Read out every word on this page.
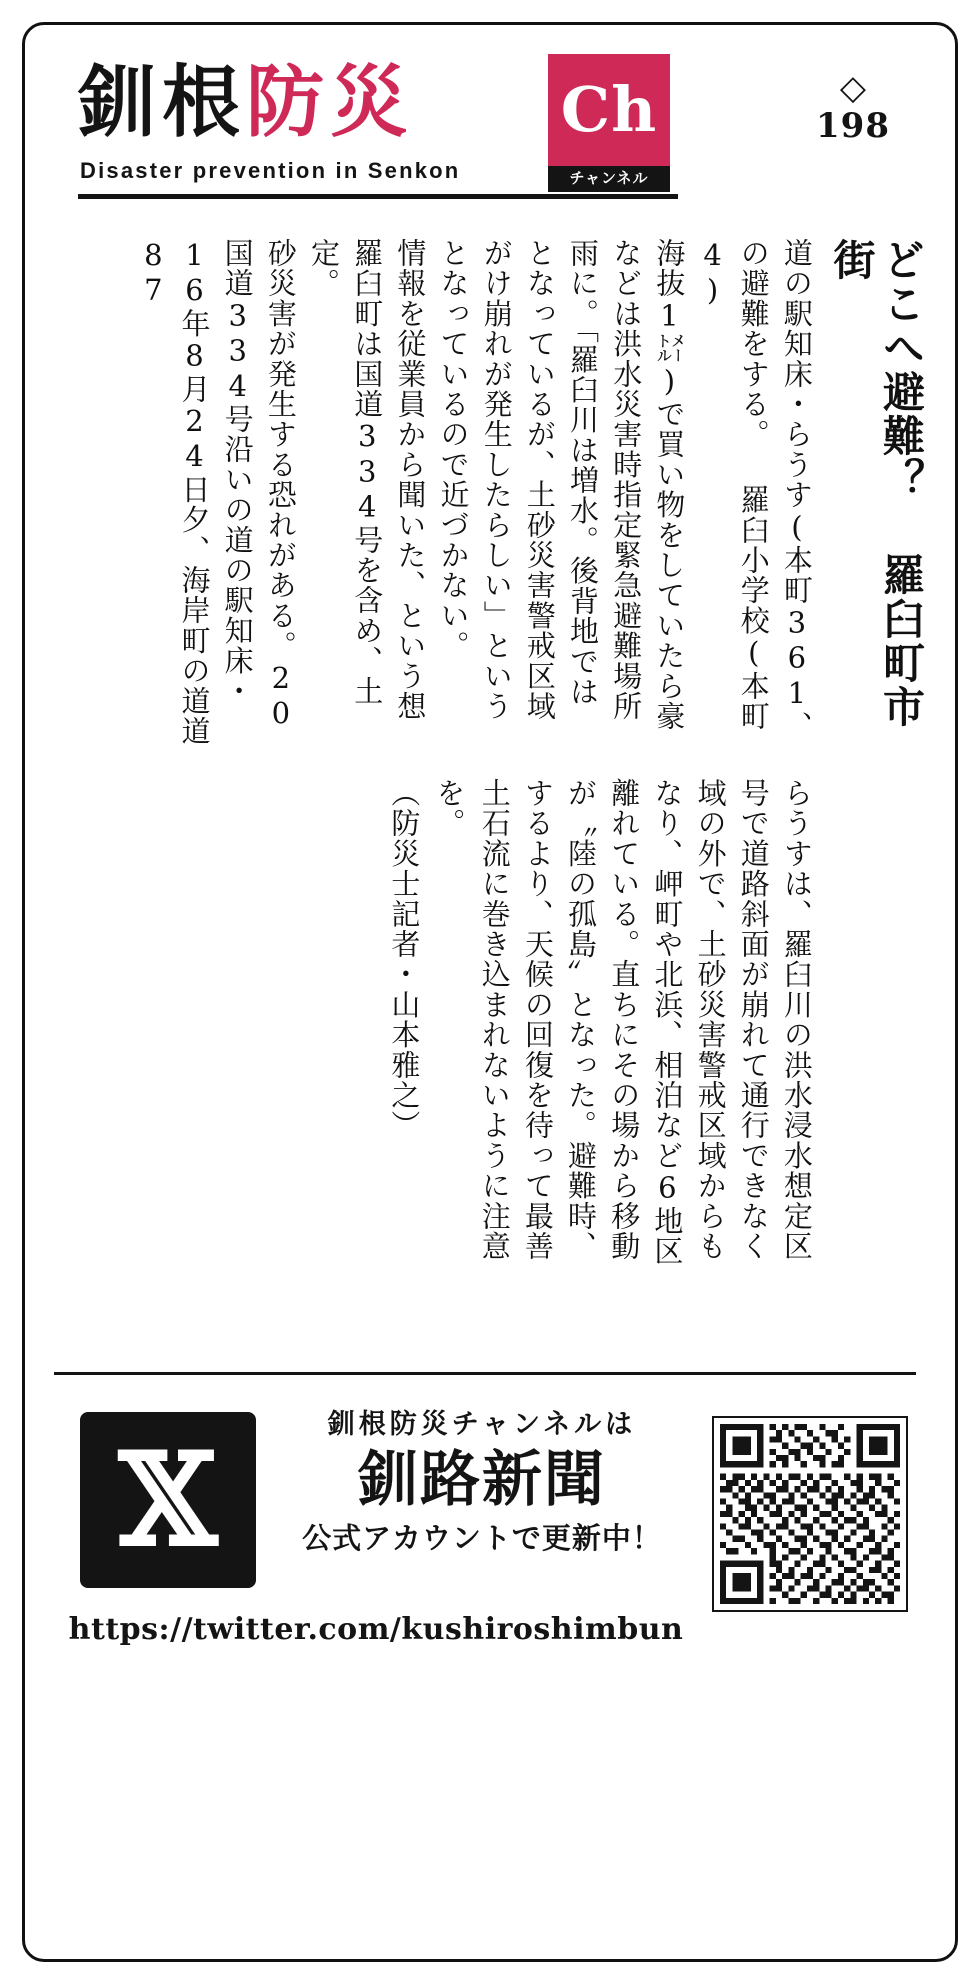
釧根防災 Ch
チャンネル
Disaster prevention in Senkon
◇
198
どこへ避難？ 羅臼町市街
道の駅知床・らうす(本町361、
の避難をする。 羅臼小学校(本町4)
海抜1㍍)で買い物をしていたら豪
などは洪水災害時指定緊急避難場所
雨に。「羅臼川は増水。後背地では
となっているが、土砂災害警戒区域
がけ崩れが発生したらしい」という
となっているので近づかない。
情報を従業員から聞いた、という想
羅臼町は国道334号を含め、土
定。
砂災害が発生する恐れがある。20
国道334号沿いの道の駅知床・
16年8月24日夕、海岸町の道道87
らうすは、羅臼川の洪水浸水想定区
号で道路斜面が崩れて通行できなく
域の外で、土砂災害警戒区域からも
なり、岬町や北浜、相泊など6地区
離れている。直ちにその場から移動
が〝陸の孤島〟となった。避難時、
するより、天候の回復を待って最善
土石流に巻き込まれないように注意
を。
（防災士記者・山本雅之）
𝕏
釧根防災チャンネルは
釧路新聞
公式アカウントで更新中！
https://twitter.com/kushiroshimbun
